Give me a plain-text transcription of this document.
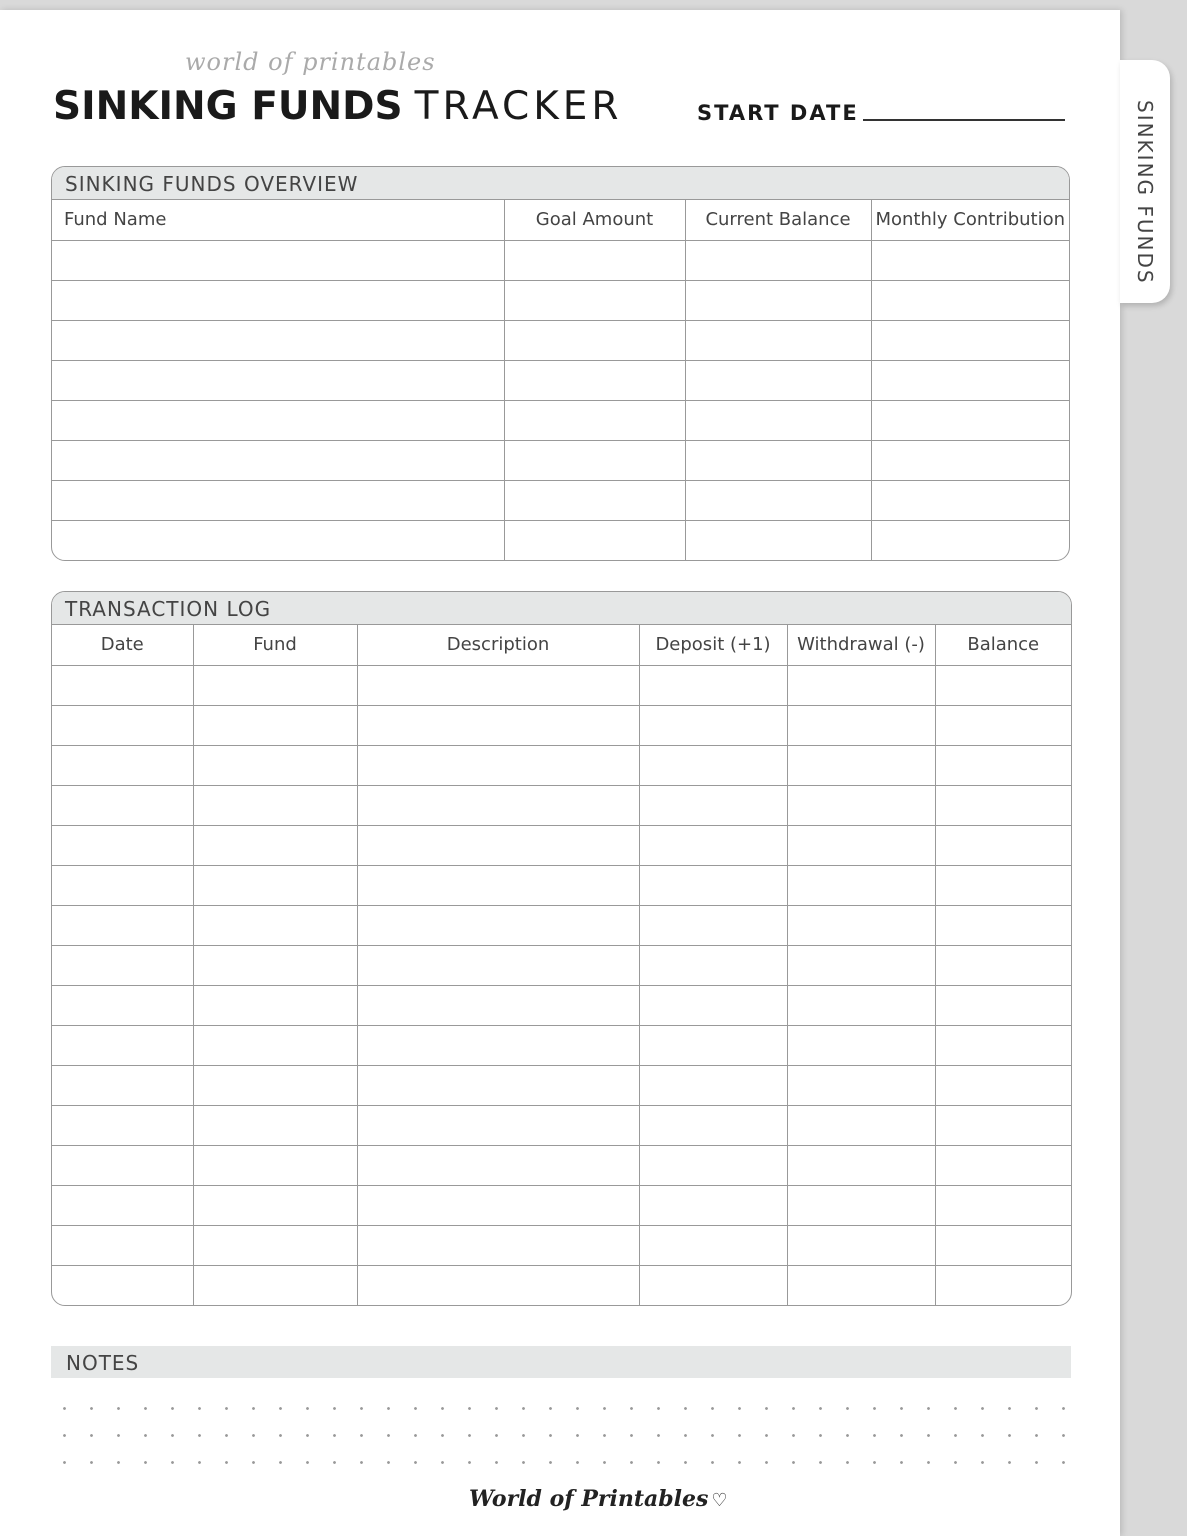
SINKING FUNDS
world of printables
SINKING FUNDS TRACKER	START DATE
SINKING FUNDS OVERVIEW
Fund Name	Goal Amount	Current Balance	Monthly Contribution

TRANSACTION LOG
Date	Fund	Description	Deposit (+1)	Withdrawal (-)	Balance

NOTES
World of Printables ♡
